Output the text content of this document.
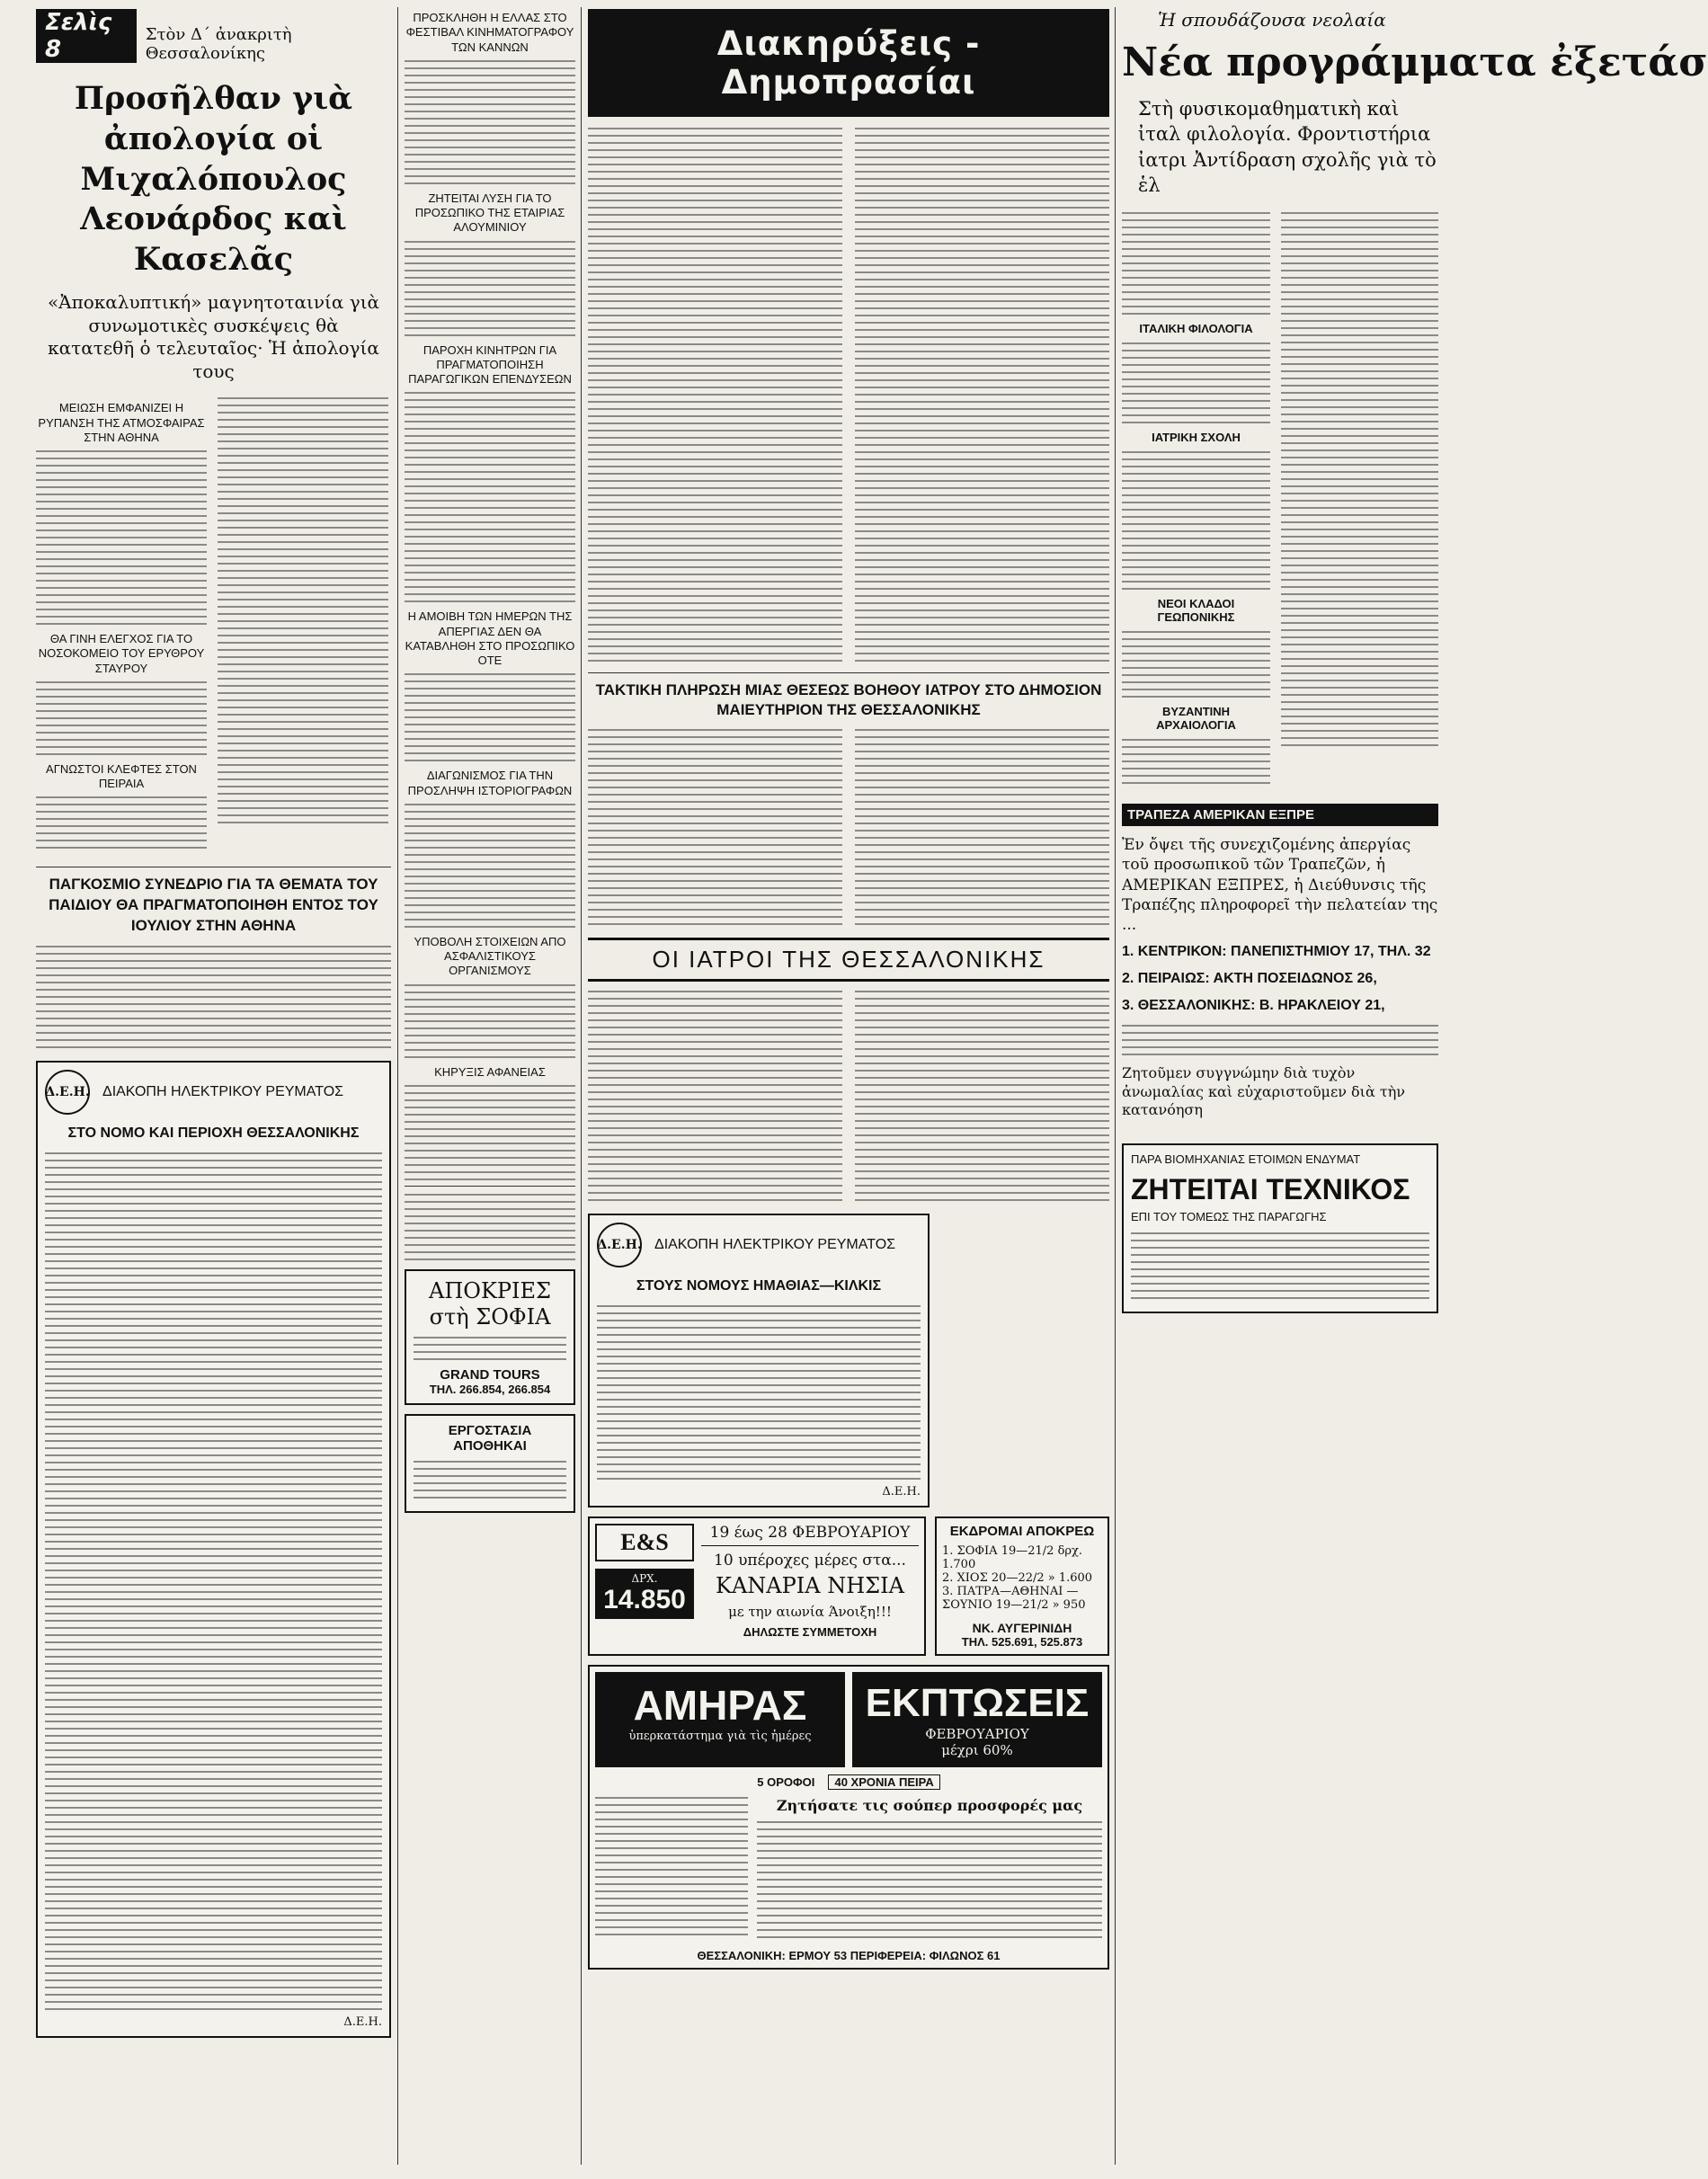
Σελὶς 8
Στὸν Δ΄ ἀνακριτὴ Θεσσαλονίκης
Προσῆλθαν γιὰ ἀπολογία οἱ Μιχαλόπουλος Λεονάρδος καὶ Κασελᾶς
«Ἀποκαλυπτική» μαγνητοταινία γιὰ συνωμοτικὲς συσκέψεις θὰ κατατεθῆ ὁ τελευταῖος· Ἡ ἀπολογία τους
ΜΕΙΩΣΗ ΕΜΦΑΝΙΖΕΙ Η ΡΥΠΑΝΣΗ ΤΗΣ ΑΤΜΟΣΦΑΙΡΑΣ ΣΤΗΝ ΑΘΗΝΑ
ΘΑ ΓΙΝΗ ΕΛΕΓΧΟΣ ΓΙΑ ΤΟ ΝΟΣΟΚΟΜΕΙΟ ΤΟΥ ΕΡΥΘΡΟΥ ΣΤΑΥΡΟΥ
ΑΓΝΩΣΤΟΙ ΚΛΕΦΤΕΣ ΣΤΟΝ ΠΕΙΡΑΙΑ
ΠΑΓΚΟΣΜΙΟ ΣΥΝΕΔΡΙΟ ΓΙΑ ΤΑ ΘΕΜΑΤΑ ΤΟΥ ΠΑΙΔΙΟΥ ΘΑ ΠΡΑΓΜΑΤΟΠΟΙΗΘΗ ΕΝΤΟΣ ΤΟΥ ΙΟΥΛΙΟΥ ΣΤΗΝ ΑΘΗΝΑ
Δ.Ε.Η. ΔΙΑΚΟΠΗ ΗΛΕΚΤΡΙΚΟΥ ΡΕΥΜΑΤΟΣ
ΣΤΟ ΝΟΜΟ ΚΑΙ ΠΕΡΙΟΧΗ ΘΕΣΣΑΛΟΝΙΚΗΣ
Δ.Ε.Η.
ΠΡΟΣΚΛΗΘΗ Η ΕΛΛΑΣ ΣΤΟ ΦΕΣΤΙΒΑΛ ΚΙΝΗΜΑΤΟΓΡΑΦΟΥ ΤΩΝ ΚΑΝΝΩΝ
ΖΗΤΕΙΤΑΙ ΛΥΣΗ ΓΙΑ ΤΟ ΠΡΟΣΩΠΙΚΟ ΤΗΣ ΕΤΑΙΡΙΑΣ ΑΛΟΥΜΙΝΙΟΥ
ΠΑΡΟΧΗ ΚΙΝΗΤΡΩΝ ΓΙΑ ΠΡΑΓΜΑΤΟΠΟΙΗΣΗ ΠΑΡΑΓΩΓΙΚΩΝ ΕΠΕΝΔΥΣΕΩΝ
Η ΑΜΟΙΒΗ ΤΩΝ ΗΜΕΡΩΝ ΤΗΣ ΑΠΕΡΓΙΑΣ ΔΕΝ ΘΑ ΚΑΤΑΒΛΗΘΗ ΣΤΟ ΠΡΟΣΩΠΙΚΟ ΟΤΕ
ΔΙΑΓΩΝΙΣΜΟΣ ΓΙΑ ΤΗΝ ΠΡΟΣΛΗΨΗ ΙΣΤΟΡΙΟΓΡΑΦΩΝ
ΥΠΟΒΟΛΗ ΣΤΟΙΧΕΙΩΝ ΑΠΟ ΑΣΦΑΛΙΣΤΙΚΟΥΣ ΟΡΓΑΝΙΣΜΟΥΣ
ΚΗΡΥΞΙΣ ΑΦΑΝΕΙΑΣ
ΑΠΟΚΡΙΕΣ στὴ ΣΟΦΙΑ
GRAND TOURS
ΤΗΛ. 266.854, 266.854
ΕΡΓΟΣΤΑΣΙΑ ΑΠΟΘΗΚΑΙ
Διακηρύξεις - Δημοπρασίαι
ΤΑΚΤΙΚΗ ΠΛΗΡΩΣΗ ΜΙΑΣ ΘΕΣΕΩΣ ΒΟΗΘΟΥ ΙΑΤΡΟΥ ΣΤΟ ΔΗΜΟΣΙΟΝ ΜΑΙΕΥΤΗΡΙΟΝ ΤΗΣ ΘΕΣΣΑΛΟΝΙΚΗΣ
ΟΙ ΙΑΤΡΟΙ ΤΗΣ ΘΕΣΣΑΛΟΝΙΚΗΣ
Δ.Ε.Η. ΔΙΑΚΟΠΗ ΗΛΕΚΤΡΙΚΟΥ ΡΕΥΜΑΤΟΣ
ΣΤΟΥΣ ΝΟΜΟΥΣ ΗΜΑΘΙΑΣ—ΚΙΛΚΙΣ
Δ.Ε.Η.
E&S
ΔΡΧ.
14.850
19 έως 28 ΦΕΒΡΟΥΑΡΙΟΥ
10 υπέροχες μέρες στα...
ΚΑΝΑΡΙΑ ΝΗΣΙΑ
με την αιωνία Άνοιξη!!!
ΔΗΛΩΣΤΕ ΣΥΜΜΕΤΟΧΗ
ΕΚΔΡΟΜΑΙ ΑΠΟΚΡΕΩ
1. ΣΟΦΙΑ 19—21/2 δρχ. 1.700
2. ΧΙΟΣ 20—22/2 » 1.600
3. ΠΑΤΡΑ—ΑΘΗΝΑΙ —ΣΟΥΝΙΟ 19—21/2 » 950
ΝΚ. ΑΥΓΕΡΙΝΙΔΗ
ΤΗΛ. 525.691, 525.873
ΑΜΗΡΑΣ
ὑπερκατάστημα γιὰ τὶς ἡμέρες
ΕΚΠΤΩΣΕΙΣ
ΦΕΒΡΟΥΑΡΙΟΥ
μέχρι 60%
5 ΟΡΟΦΟΙ 40 ΧΡΟΝΙΑ ΠΕΙΡΑ
Ζητήσατε τις σούπερ προσφορές μας
ΘΕΣΣΑΛΟΝΙΚΗ: ΕΡΜΟΥ 53 ΠΕΡΙΦΕΡΕΙΑ: ΦΙΛΩΝΟΣ 61
Ἡ σπουδάζουσα νεολαία
Νέα προγράμματα ἐξετάσ
Στὴ φυσικομαθηματικὴ καὶ ἰταλ φιλολογία. Φροντιστήρια ἰατρι Ἀντίδραση σχολῆς γιὰ τὸ ἑλ
ΙΤΑΛΙΚΗ ΦΙΛΟΛΟΓΙΑ
ΙΑΤΡΙΚΗ ΣΧΟΛΗ
ΝΕΟΙ ΚΛΑΔΟΙ ΓΕΩΠΟΝΙΚΗΣ
ΒΥΖΑΝΤΙΝΗ ΑΡΧΑΙΟΛΟΓΙΑ
ΤΡΑΠΕΖΑ ΑΜΕΡΙΚΑΝ ΕΞΠΡΕ
Ἐν ὄψει τῆς συνεχιζομένης ἀπεργίας τοῦ προσωπικοῦ τῶν Τραπεζῶν, ἡ ΑΜΕΡΙΚΑΝ ΕΞΠΡΕΣ, ἡ Διεύθυνσις τῆς Τραπέζης πληροφορεῖ τὴν πελατείαν της ...
1. ΚΕΝΤΡΙΚΟΝ: ΠΑΝΕΠΙΣΤΗΜΙΟΥ 17, ΤΗΛ. 32
2. ΠΕΙΡΑΙΩΣ: ΑΚΤΗ ΠΟΣΕΙΔΩΝΟΣ 26,
3. ΘΕΣΣΑΛΟΝΙΚΗΣ: Β. ΗΡΑΚΛΕΙΟΥ 21,
Ζητοῦμεν συγγνώμην διὰ τυχὸν ἀνωμαλίας καὶ εὐχαριστοῦμεν διὰ τὴν κατανόηση
ΠΑΡΑ ΒΙΟΜΗΧΑΝΙΑΣ ΕΤΟΙΜΩΝ ΕΝΔΥΜΑΤ
ΖΗΤΕΙΤΑΙ ΤΕΧΝΙΚΟΣ
ΕΠΙ ΤΟΥ ΤΟΜΕΩΣ ΤΗΣ ΠΑΡΑΓΩΓΗΣ
